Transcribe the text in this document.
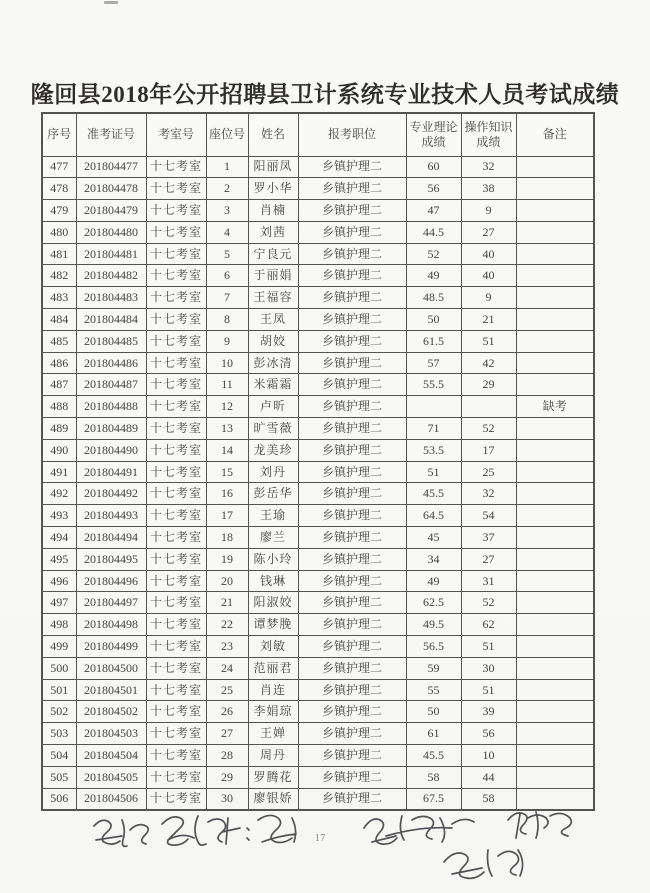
隆回县2018年公开招聘县卫计系统专业技术人员考试成绩
序号	准考证号	考室号	座位号	姓名	报考职位	专业理论成绩	操作知识成绩	备注
477	201804477	十七考室	1	阳丽凤	乡镇护理二	60	32	
478	201804478	十七考室	2	罗小华	乡镇护理二	56	38	
479	201804479	十七考室	3	肖楠	乡镇护理二	47	9	
480	201804480	十七考室	4	刘茜	乡镇护理二	44.5	27	
481	201804481	十七考室	5	宁良元	乡镇护理二	52	40	
482	201804482	十七考室	6	于丽娟	乡镇护理二	49	40	
483	201804483	十七考室	7	王福容	乡镇护理二	48.5	9	
484	201804484	十七考室	8	王凤	乡镇护理二	50	21	
485	201804485	十七考室	9	胡姣	乡镇护理二	61.5	51	
486	201804486	十七考室	10	彭冰清	乡镇护理二	57	42	
487	201804487	十七考室	11	米霜霜	乡镇护理二	55.5	29	
488	201804488	十七考室	12	卢昕	乡镇护理二			缺考
489	201804489	十七考室	13	旷雪薇	乡镇护理二	71	52	
490	201804490	十七考室	14	龙美珍	乡镇护理二	53.5	17	
491	201804491	十七考室	15	刘丹	乡镇护理二	51	25	
492	201804492	十七考室	16	彭岳华	乡镇护理二	45.5	32	
493	201804493	十七考室	17	王瑜	乡镇护理二	64.5	54	
494	201804494	十七考室	18	廖兰	乡镇护理二	45	37	
495	201804495	十七考室	19	陈小玲	乡镇护理二	34	27	
496	201804496	十七考室	20	钱琳	乡镇护理二	49	31	
497	201804497	十七考室	21	阳淑姣	乡镇护理二	62.5	52	
498	201804498	十七考室	22	谭梦脕	乡镇护理二	49.5	62	
499	201804499	十七考室	23	刘敏	乡镇护理二	56.5	51	
500	201804500	十七考室	24	范丽君	乡镇护理二	59	30	
501	201804501	十七考室	25	肖连	乡镇护理二	55	51	
502	201804502	十七考室	26	李娟琼	乡镇护理二	50	39	
503	201804503	十七考室	27	王婵	乡镇护理二	61	56	
504	201804504	十七考室	28	周丹	乡镇护理二	45.5	10	
505	201804505	十七考室	29	罗腾花	乡镇护理二	58	44	
506	201804506	十七考室	30	廖银娇	乡镇护理二	67.5	58	
17
